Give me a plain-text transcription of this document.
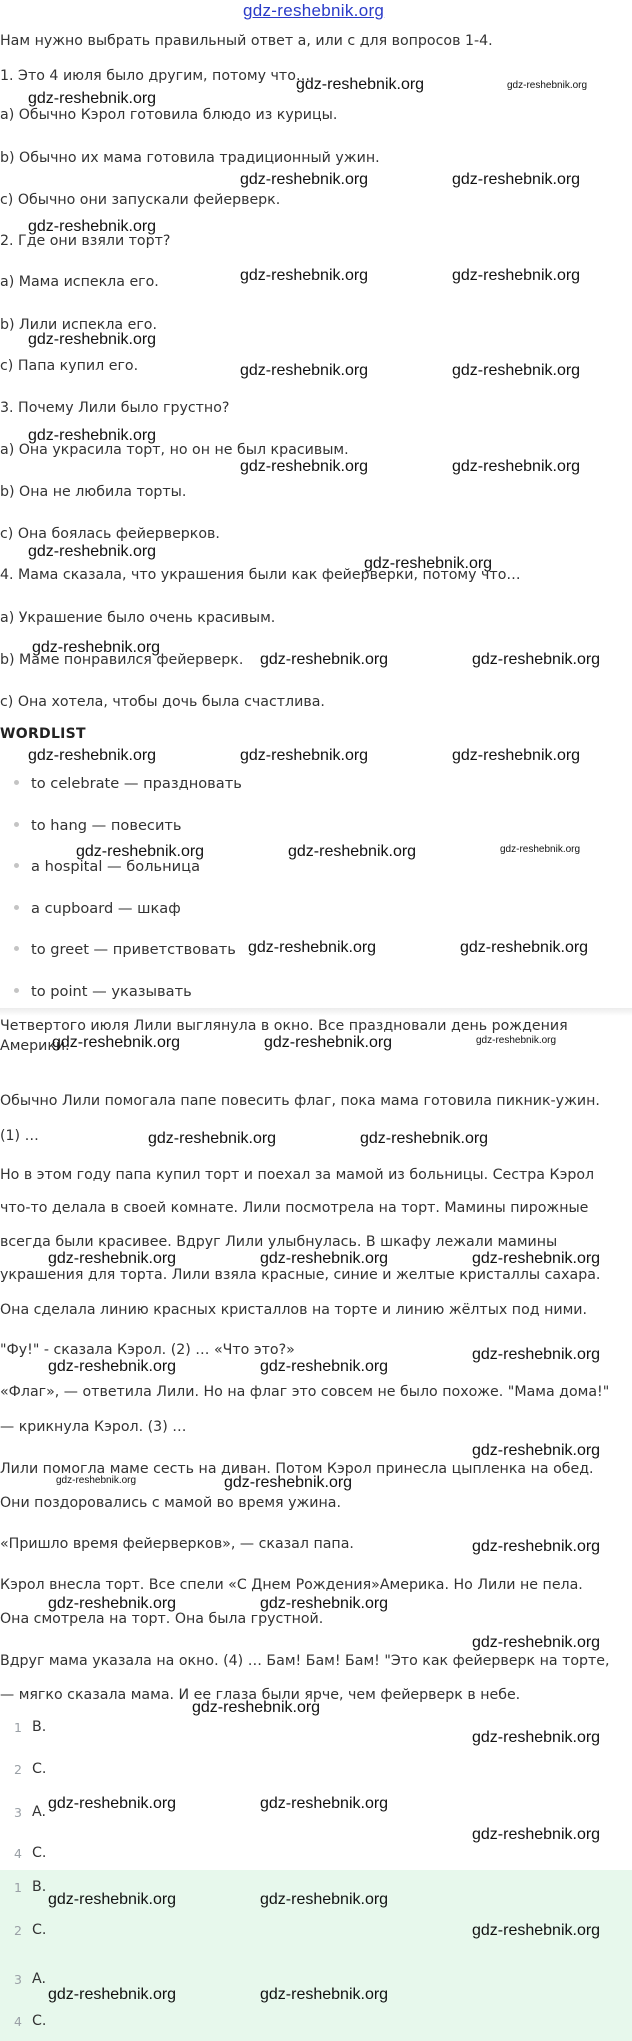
gdz-reshebnik.org
Нам нужно выбрать правильный ответ a, или c для вопросов 1-4.
1. Это 4 июля было другим, потому что…
a) Обычно Кэрол готовила блюдо из курицы.
b) Обычно их мама готовила традиционный ужин.
c) Обычно они запускали фейерверк.
2. Где они взяли торт?
a) Мама испекла его.
b) Лили испекла его.
c) Папа купил его.
3. Почему Лили было грустно?
a) Она украсила торт, но он не был красивым.
b) Она не любила торты.
c) Она боялась фейерверков.
4. Мама сказала, что украшения были как фейерверки, потому что…
a) Украшение было очень красивым.
b) Маме понравился фейерверк.
c) Она хотела, чтобы дочь была счастлива.
WORDLIST
to celebrate — праздновать
to hang — повесить
a hospital — больница
a cupboard — шкаф
to greet — приветствовать
to point — указывать
Четвертого июля Лили выглянула в окно. Все праздновали день рождения
Америки.
Обычно Лили помогала папе повесить флаг, пока мама готовила пикник-ужин.
(1) …
Но в этом году папа купил торт и поехал за мамой из больницы. Сестра Кэрол
что-то делала в своей комнате. Лили посмотрела на торт. Мамины пирожные
всегда были красивее. Вдруг Лили улыбнулась. В шкафу лежали мамины
украшения для торта. Лили взяла красные, синие и желтые кристаллы сахара.
Она сделала линию красных кристаллов на торте и линию жёлтых под ними.
"Фу!" - сказала Кэрол. (2) … «Что это?»
«Флаг», — ответила Лили. Но на флаг это совсем не было похоже. "Мама дома!"
— крикнула Кэрол. (3) …
Лили помогла маме сесть на диван. Потом Кэрол принесла цыпленка на обед.
Они поздоровались с мамой во время ужина.
«Пришло время фейерверков», — сказал папа.
Кэрол внесла торт. Все спели «С Днем Рождения»Америка. Но Лили не пела.
Она смотрела на торт. Она была грустной.
Вдруг мама указала на окно. (4) … Бам! Бам! Бам! "Это как фейерверк на торте,
— мягко сказала мама. И ее глаза были ярче, чем фейерверк в небе.
1 B.
2 C.
3 A.
4 C.
1 B.
2 C.
3 A.
4 C.
gdz-reshebnik.org	gdz-reshebnik.org
gdz-reshebnik.org
gdz-reshebnik.org	gdz-reshebnik.org
gdz-reshebnik.org
gdz-reshebnik.org	gdz-reshebnik.org
gdz-reshebnik.org
gdz-reshebnik.org	gdz-reshebnik.org
gdz-reshebnik.org
gdz-reshebnik.org	gdz-reshebnik.org
gdz-reshebnik.org
gdz-reshebnik.org
gdz-reshebnik.org
gdz-reshebnik.org	gdz-reshebnik.org
gdz-reshebnik.org	gdz-reshebnik.org	gdz-reshebnik.org
gdz-reshebnik.org	gdz-reshebnik.org	gdz-reshebnik.org
gdz-reshebnik.org	gdz-reshebnik.org
gdz-reshebnik.org	gdz-reshebnik.org	gdz-reshebnik.org
gdz-reshebnik.org	gdz-reshebnik.org
gdz-reshebnik.org	gdz-reshebnik.org	gdz-reshebnik.org
gdz-reshebnik.org	gdz-reshebnik.org
gdz-reshebnik.org
gdz-reshebnik.org
gdz-reshebnik.org	gdz-reshebnik.org
gdz-reshebnik.org
gdz-reshebnik.org	gdz-reshebnik.org
gdz-reshebnik.org
gdz-reshebnik.org
gdz-reshebnik.org
gdz-reshebnik.org	gdz-reshebnik.org
gdz-reshebnik.org
gdz-reshebnik.org	gdz-reshebnik.org
gdz-reshebnik.org
gdz-reshebnik.org	gdz-reshebnik.org
